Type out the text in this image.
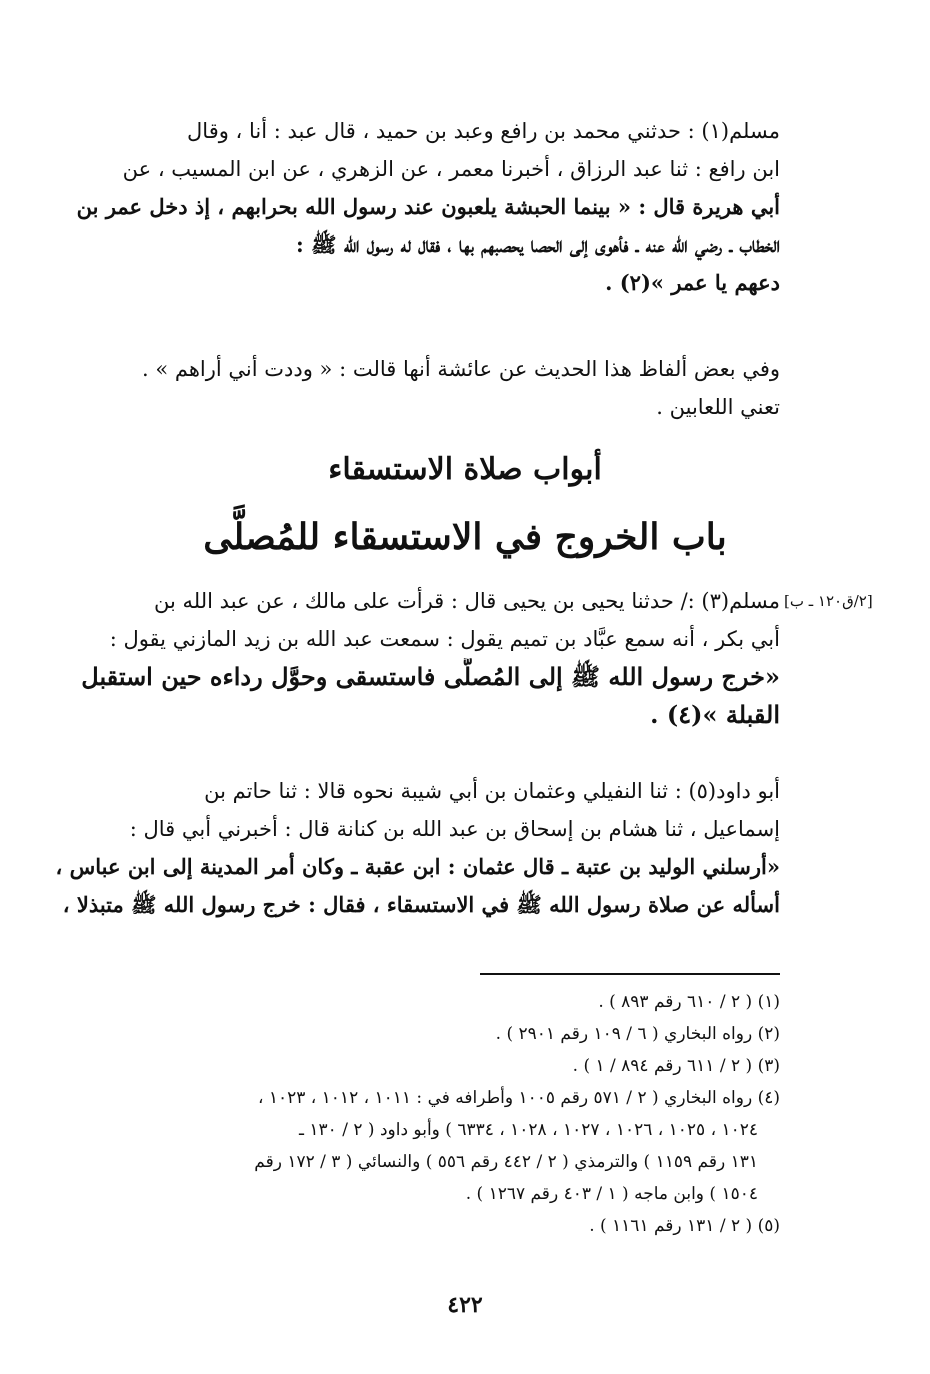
مسلم(١) : حدثني محمد بن رافع وعبد بن حميد ، قال عبد : أنا ، وقال
ابن رافع : ثنا عبد الرزاق ، أخبرنا معمر ، عن الزهري ، عن ابن المسيب ، عن
أبي هريرة قال : « بينما الحبشة يلعبون عند رسول الله بحرابهم ، إذ دخل عمر بن
الخطاب ـ رضي الله عنه ـ فأهوى إلى الحصا يحصبهم بها ، فقال له رسول الله ﷺ :
دعهم يا عمر »(٢) .
وفي بعض ألفاظ هذا الحديث عن عائشة أنها قالت : « وددت أني أراهم » .
تعني اللعابين .
أبواب صلاة الاستسقاء
باب الخروج في الاستسقاء للمُصلَّى
[٢/ق١٢٠ ـ ب]
مسلم(٣) :/ حدثنا يحيى بن يحيى قال : قرأت على مالك ، عن عبد الله بن
أبي بكر ، أنه سمع عبَّاد بن تميم يقول : سمعت عبد الله بن زيد المازني يقول :
«خرج رسول الله ﷺ إلى المُصلَّى فاستسقى وحوَّل رداءه حين استقبل
القبلة »(٤) .
أبو داود(٥) : ثنا النفيلي وعثمان بن أبي شيبة نحوه قالا : ثنا حاتم بن
إسماعيل ، ثنا هشام بن إسحاق بن عبد الله بن كنانة قال : أخبرني أبي قال :
«أرسلني الوليد بن عتبة ـ قال عثمان : ابن عقبة ـ وكان أمر المدينة إلى ابن عباس ،
أسأله عن صلاة رسول الله ﷺ في الاستسقاء ، فقال : خرج رسول الله ﷺ متبذلا ،
(١) ( ٢ / ٦١٠ رقم ٨٩٣ ) .
(٢) رواه البخاري ( ٦ / ١٠٩ رقم ٢٩٠١ ) .
(٣) ( ٢ / ٦١١ رقم ٨٩٤ / ١ ) .
(٤) رواه البخاري ( ٢ / ٥٧١ رقم ١٠٠٥ وأطرافه في : ١٠١١ ، ١٠١٢ ، ١٠٢٣ ،
١٠٢٤ ، ١٠٢٥ ، ١٠٢٦ ، ١٠٢٧ ، ١٠٢٨ ، ٦٣٣٤ ) وأبو داود ( ٢ / ١٣٠ ـ
١٣١ رقم ١١٥٩ ) والترمذي ( ٢ / ٤٤٢ رقم ٥٥٦ ) والنسائي ( ٣ / ١٧٢ رقم
١٥٠٤ ) وابن ماجه ( ١ / ٤٠٣ رقم ١٢٦٧ ) .
(٥) ( ٢ / ١٣١ رقم ١١٦١ ) .
٤٢٢
